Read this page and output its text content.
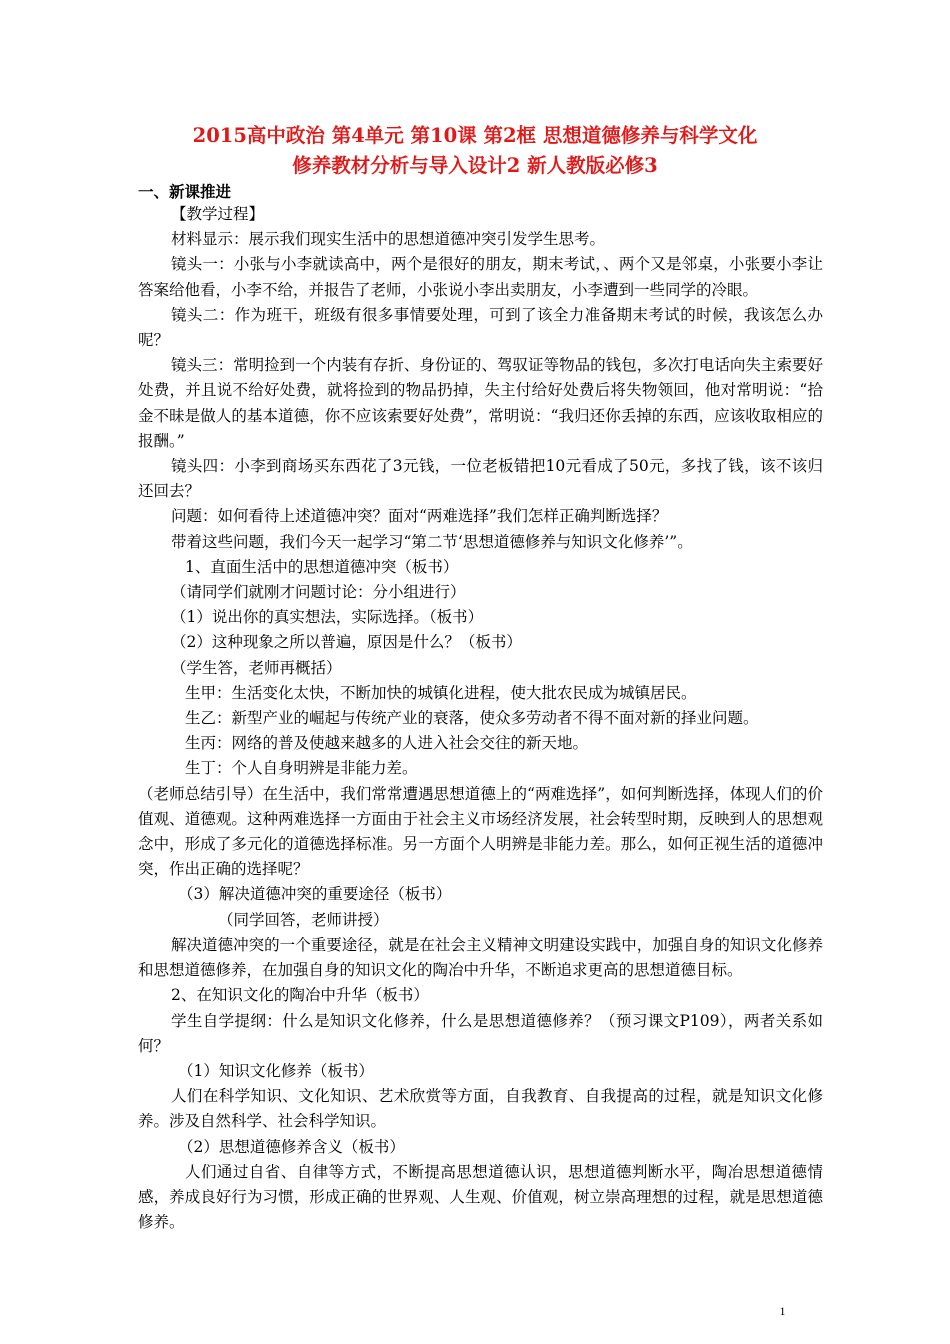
2015高中政治 第4单元 第10课 第2框 思想道德修养与科学文化
修养教材分析与导入设计2 新人教版必修3
一、新课推进

【教学过程】

材料显示：展示我们现实生活中的思想道德冲突引发学生思考。

镜头一：小张与小李就读高中，两个是很好的朋友，期末考试，、两个又是邻桌，小张要小李让答案给他看，小李不给，并报告了老师，小张说小李出卖朋友，小李遭到一些同学的冷眼。

镜头二：作为班干，班级有很多事情要处理，可到了该全力准备期末考试的时候，我该怎么办呢？

镜头三：常明捡到一个内装有存折、身份证的、驾驭证等物品的钱包，多次打电话向失主索要好处费，并且说不给好处费，就将捡到的物品扔掉，失主付给好处费后将失物领回，他对常明说：“拾金不昧是做人的基本道德，你不应该索要好处费”，常明说：“我归还你丢掉的东西，应该收取相应的报酬。”

镜头四：小李到商场买东西花了3元钱，一位老板错把10元看成了50元，多找了钱，该不该归还回去？

问题：如何看待上述道德冲突？面对“两难选择”我们怎样正确判断选择？

带着这些问题，我们今天一起学习“第二节‘思想道德修养与知识文化修养’”。

1、直面生活中的思想道德冲突（板书）

（请同学们就刚才问题讨论：分小组进行）

（1）说出你的真实想法，实际选择。（板书）

（2）这种现象之所以普遍，原因是什么？（板书）

（学生答，老师再概括）

生甲：生活变化太快，不断加快的城镇化进程，使大批农民成为城镇居民。

生乙：新型产业的崛起与传统产业的衰落，使众多劳动者不得不面对新的择业问题。

生丙：网络的普及使越来越多的人进入社会交往的新天地。

生丁：个人自身明辨是非能力差。

（老师总结引导）在生活中，我们常常遭遇思想道德上的“两难选择”，如何判断选择，体现人们的价值观、道德观。这种两难选择一方面由于社会主义市场经济发展，社会转型时期，反映到人的思想观念中，形成了多元化的道德选择标准。另一方面个人明辨是非能力差。那么，如何正视生活的道德冲突，作出正确的选择呢？

（3）解决道德冲突的重要途径（板书）

（同学回答，老师讲授）

解决道德冲突的一个重要途径，就是在社会主义精神文明建设实践中，加强自身的知识文化修养和思想道德修养，在加强自身的知识文化的陶冶中升华，不断追求更高的思想道德目标。

2、在知识文化的陶冶中升华（板书）

学生自学提纲：什么是知识文化修养，什么是思想道德修养？（预习课文P109），两者关系如何？

（1）知识文化修养（板书）

人们在科学知识、文化知识、艺术欣赏等方面，自我教育、自我提高的过程，就是知识文化修养。涉及自然科学、社会科学知识。

（2）思想道德修养含义（板书）

人们通过自省、自律等方式，不断提高思想道德认识，思想道德判断水平，陶冶思想道德情感，养成良好行为习惯，形成正确的世界观、人生观、价值观，树立崇高理想的过程，就是思想道德修养。

1
